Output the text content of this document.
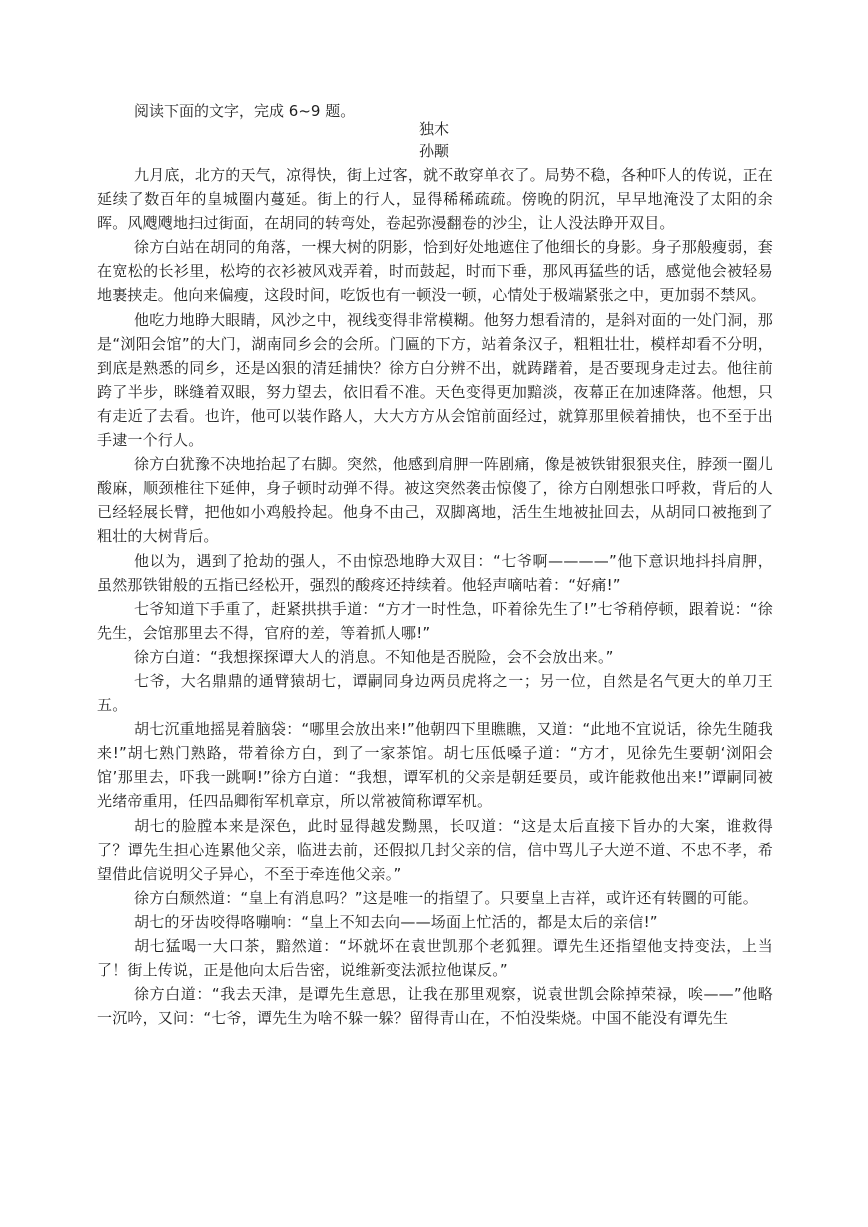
阅读下面的文字，完成 6~9 题。
独木
孙颙

九月底，北方的天气，凉得快，街上过客，就不敢穿单衣了。局势不稳，各种吓人的传说，正在延续了数百年的皇城圈内蔓延。街上的行人，显得稀稀疏疏。傍晚的阴沉，早早地淹没了太阳的余晖。风飕飕地扫过街面，在胡同的转弯处，卷起弥漫翻卷的沙尘，让人没法睁开双目。

徐方白站在胡同的角落，一棵大树的阴影，恰到好处地遮住了他细长的身影。身子那般瘦弱，套在宽松的长衫里，松垮的衣衫被风戏弄着，时而鼓起，时而下垂，那风再猛些的话，感觉他会被轻易地裹挟走。他向来偏瘦，这段时间，吃饭也有一顿没一顿，心情处于极端紧张之中，更加弱不禁风。

他吃力地睁大眼睛，风沙之中，视线变得非常模糊。他努力想看清的，是斜对面的一处门洞，那是“浏阳会馆”的大门，湖南同乡会的会所。门匾的下方，站着条汉子，粗粗壮壮，模样却看不分明，到底是熟悉的同乡，还是凶狠的清廷捕快？徐方白分辨不出，就踌躇着，是否要现身走过去。他往前跨了半步，眯缝着双眼，努力望去，依旧看不准。天色变得更加黯淡，夜幕正在加速降落。他想，只有走近了去看。也许，他可以装作路人，大大方方从会馆前面经过，就算那里候着捕快，也不至于出手逮一个行人。

徐方白犹豫不决地抬起了右脚。突然，他感到肩胛一阵剧痛，像是被铁钳狠狠夹住，脖颈一圈儿酸麻，顺颈椎往下延伸，身子顿时动弹不得。被这突然袭击惊傻了，徐方白刚想张口呼救，背后的人已经轻展长臂，把他如小鸡般拎起。他身不由己，双脚离地，活生生地被扯回去，从胡同口被拖到了粗壮的大树背后。

他以为，遇到了抢劫的强人，不由惊恐地睁大双目：“七爷啊————”他下意识地抖抖肩胛，虽然那铁钳般的五指已经松开，强烈的酸疼还持续着。他轻声嘀咕着：“好痛!”

七爷知道下手重了，赶紧拱拱手道：“方才一时性急，吓着徐先生了!”七爷稍停顿，跟着说：“徐先生，会馆那里去不得，官府的差，等着抓人哪!”

徐方白道：“我想探探谭大人的消息。不知他是否脱险，会不会放出来。”

七爷，大名鼎鼎的通臂猿胡七，谭嗣同身边两员虎将之一；另一位，自然是名气更大的单刀王五。

胡七沉重地摇晃着脑袋：“哪里会放出来!”他朝四下里瞧瞧，又道：“此地不宜说话，徐先生随我来!”胡七熟门熟路，带着徐方白，到了一家茶馆。胡七压低嗓子道：“方才，见徐先生要朝‘浏阳会馆’那里去，吓我一跳啊!”徐方白道：“我想，谭军机的父亲是朝廷要员，或许能救他出来!”谭嗣同被光绪帝重用，任四品卿衔军机章京，所以常被简称谭军机。

胡七的脸膛本来是深色，此时显得越发黝黑，长叹道：“这是太后直接下旨办的大案，谁救得了？谭先生担心连累他父亲，临进去前，还假拟几封父亲的信，信中骂儿子大逆不道、不忠不孝，希望借此信说明父子异心，不至于牵连他父亲。”

徐方白颓然道：“皇上有消息吗？”这是唯一的指望了。只要皇上吉祥，或许还有转圜的可能。

胡七的牙齿咬得咯嘣响：“皇上不知去向——场面上忙活的，都是太后的亲信!”

胡七猛喝一大口茶，黯然道：“坏就坏在袁世凯那个老狐狸。谭先生还指望他支持变法，上当了！街上传说，正是他向太后告密，说维新变法派拉他谋反。”

徐方白道：“我去天津，是谭先生意思，让我在那里观察，说袁世凯会除掉荣禄，唉——”他略一沉吟，又问：“七爷，谭先生为啥不躲一躲？留得青山在，不怕没柴烧。中国不能没有谭先生
